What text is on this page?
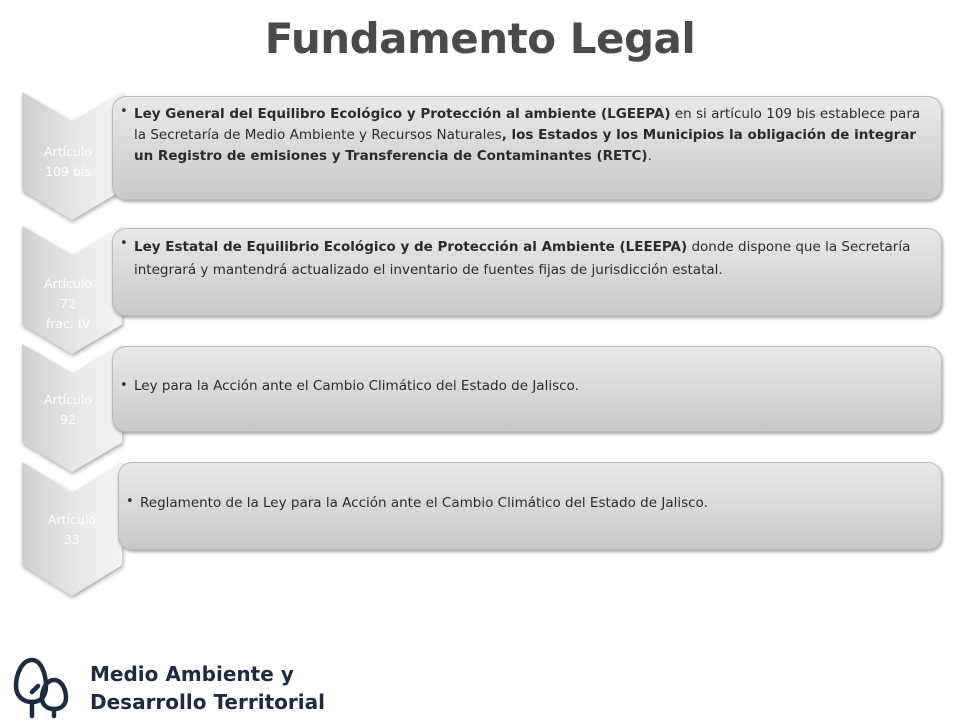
Fundamento Legal
Artículo
109 bis
• Ley General del Equilibro Ecológico y Protección al ambiente (LGEEPA) en si artículo 109 bis establece para la Secretaría de Medio Ambiente y Recursos Naturales, los Estados y los Municipios la obligación de integrar un Registro de emisiones y Transferencia de Contaminantes (RETC).
Artículo
72
frac. IV
• Ley Estatal de Equilibrio Ecológico y de Protección al Ambiente (LEEEPA) donde dispone que la Secretaría integrará y mantendrá actualizado el inventario de fuentes fijas de jurisdicción estatal.
Artículo
92
• Ley para la Acción ante el Cambio Climático del Estado de Jalisco.
Artículo
33
• Reglamento de la Ley para la Acción ante el Cambio Climático del Estado de Jalisco.
Medio Ambiente y
Desarrollo Territorial
